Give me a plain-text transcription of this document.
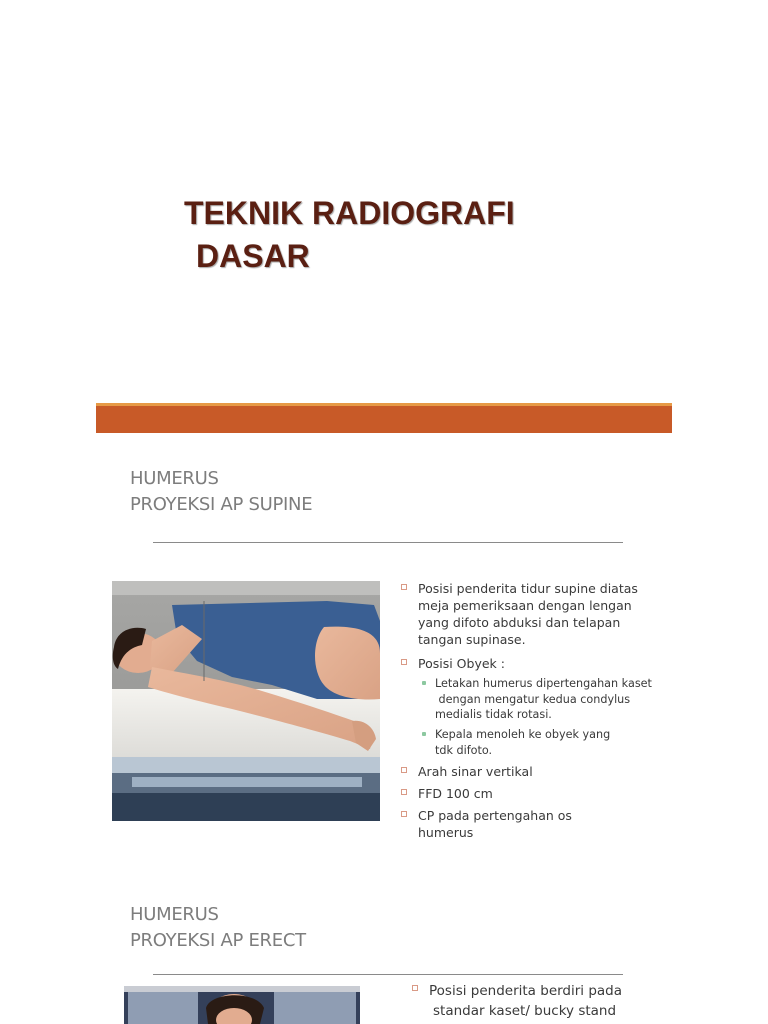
TEKNIK RADIOGRAFI
DASAR
HUMERUS
PROYEKSI AP SUPINE
Posisi penderita tidur supine diatas
meja pemeriksaan dengan lengan
yang difoto abduksi dan telapan
tangan supinase.
Posisi Obyek :
Letakan humerus dipertengahan kaset
dengan mengatur kedua condylus
medialis tidak rotasi.
Kepala menoleh ke obyek yang
tdk difoto.
Arah sinar vertikal
FFD 100 cm
CP pada pertengahan os
humerus
HUMERUS
PROYEKSI AP ERECT
Posisi penderita berdiri pada
standar kaset/ bucky stand
